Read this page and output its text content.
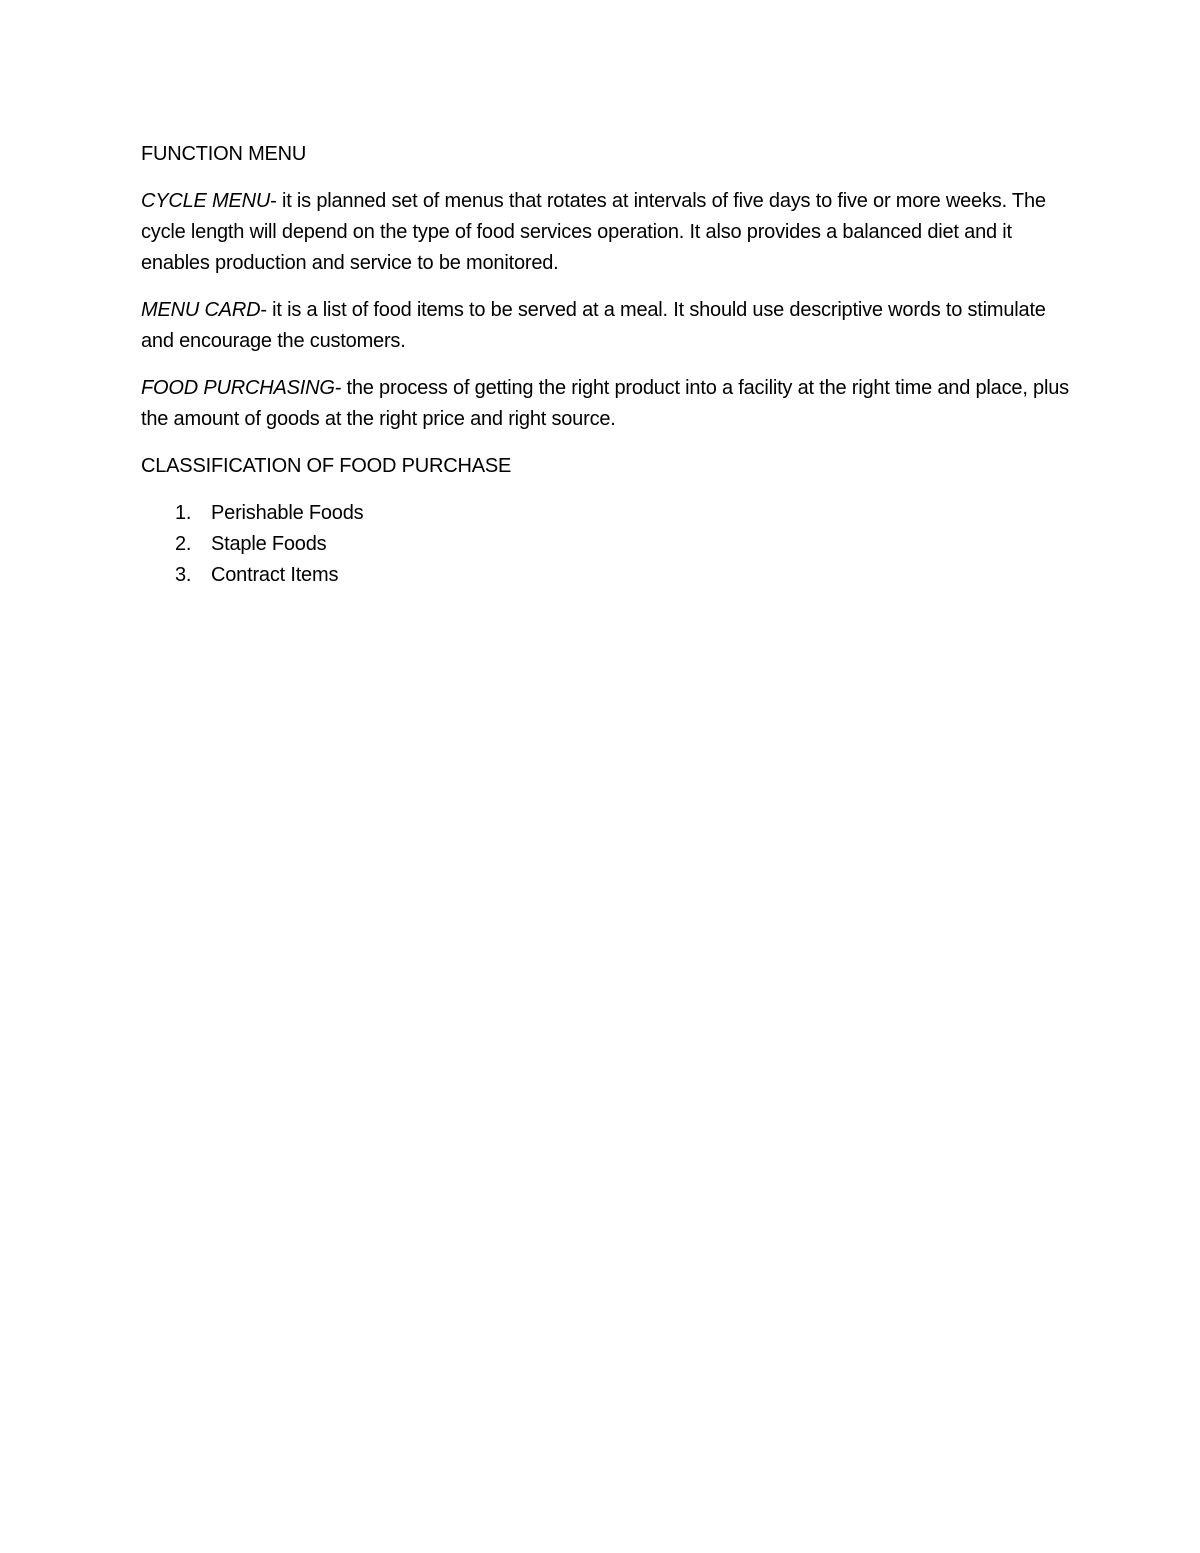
FUNCTION MENU

CYCLE MENU- it is planned set of menus that rotates at intervals of five days to five or more weeks. The cycle length will depend on the type of food services operation. It also provides a balanced diet and it enables production and service to be monitored.

MENU CARD- it is a list of food items to be served at a meal. It should use descriptive words to stimulate and encourage the customers.

FOOD PURCHASING- the process of getting the right product into a facility at the right time and place, plus the amount of goods at the right price and right source.

CLASSIFICATION OF FOOD PURCHASE

1. Perishable Foods
2. Staple Foods
3. Contract Items
